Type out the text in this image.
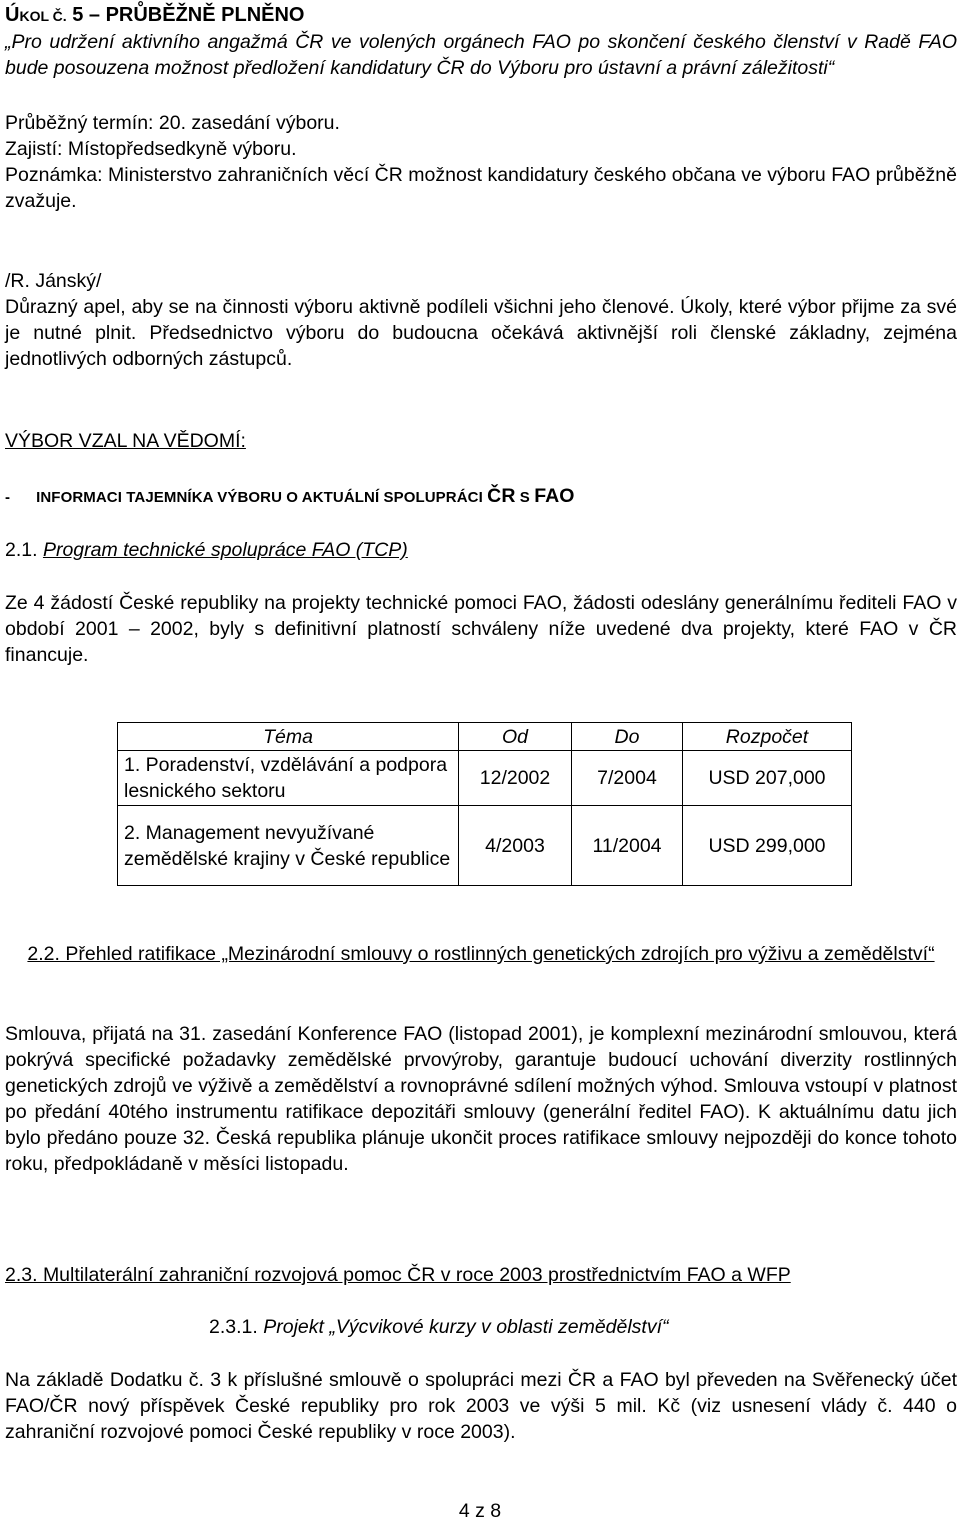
ÚKOL Č. 5 – PRŮBĚŽNĚ PLNĚNO

„Pro udržení aktivního angažmá ČR ve volených orgánech FAO po skončení českého členství v Radě FAO bude posouzena možnost předložení kandidatury ČR do Výboru pro ústavní a právní záležitosti“

Průběžný termín: 20. zasedání výboru.

Zajistí: Místopředsedkyně výboru.

Poznámka: Ministerstvo zahraničních věcí ČR možnost kandidatury českého občana ve výboru FAO průběžně zvažuje.

/R. Jánský/

Důrazný apel, aby se na činnosti výboru aktivně podíleli všichni jeho členové. Úkoly, které výbor přijme za své je nutné plnit. Předsednictvo výboru do budoucna očekává aktivnější roli členské základny, zejména jednotlivých odborných zástupců.

VÝBOR VZAL NA VĚDOMÍ:

- INFORMACI TAJEMNÍKA VÝBORU O AKTUÁLNÍ SPOLUPRÁCI ČR S FAO

2.1. Program technické spolupráce FAO (TCP)

Ze 4 žádostí České republiky na projekty technické pomoci FAO, žádosti odeslány generálnímu řediteli FAO v období 2001 – 2002, byly s definitivní platností schváleny níže uvedené dva projekty, které FAO v ČR financuje.

Téma	Od	Do	Rozpočet
1. Poradenství, vzdělávání a podpora lesnického sektoru	12/2002	7/2004	USD 207,000
2. Management nevyužívané zemědělské krajiny v České republice	4/2003	11/2004	USD 299,000

2.2. Přehled ratifikace „Mezinárodní smlouvy o rostlinných genetických zdrojích pro výživu a zemědělství“

Smlouva, přijatá na 31. zasedání Konference FAO (listopad 2001), je komplexní mezinárodní smlouvou, která pokrývá specifické požadavky zemědělské prvovýroby, garantuje budoucí uchování diverzity rostlinných genetických zdrojů ve výživě a zemědělství a rovnoprávné sdílení možných výhod. Smlouva vstoupí v platnost po předání 40tého instrumentu ratifikace depozitáři smlouvy (generální ředitel FAO). K aktuálnímu datu jich bylo předáno pouze 32. Česká republika plánuje ukončit proces ratifikace smlouvy nejpozději do konce tohoto roku, předpokládaně v měsíci listopadu.

2.3. Multilaterální zahraniční rozvojová pomoc ČR v roce 2003 prostřednictvím FAO a WFP

2.3.1. Projekt „Výcvikové kurzy v oblasti zemědělství“

Na základě Dodatku č. 3 k příslušné smlouvě o spolupráci mezi ČR a FAO byl převeden na Svěřenecký účet FAO/ČR nový příspěvek České republiky pro rok 2003 ve výši 5 mil. Kč (viz usnesení vlády č. 440 o zahraniční rozvojové pomoci České republiky v roce 2003).

4 z 8
